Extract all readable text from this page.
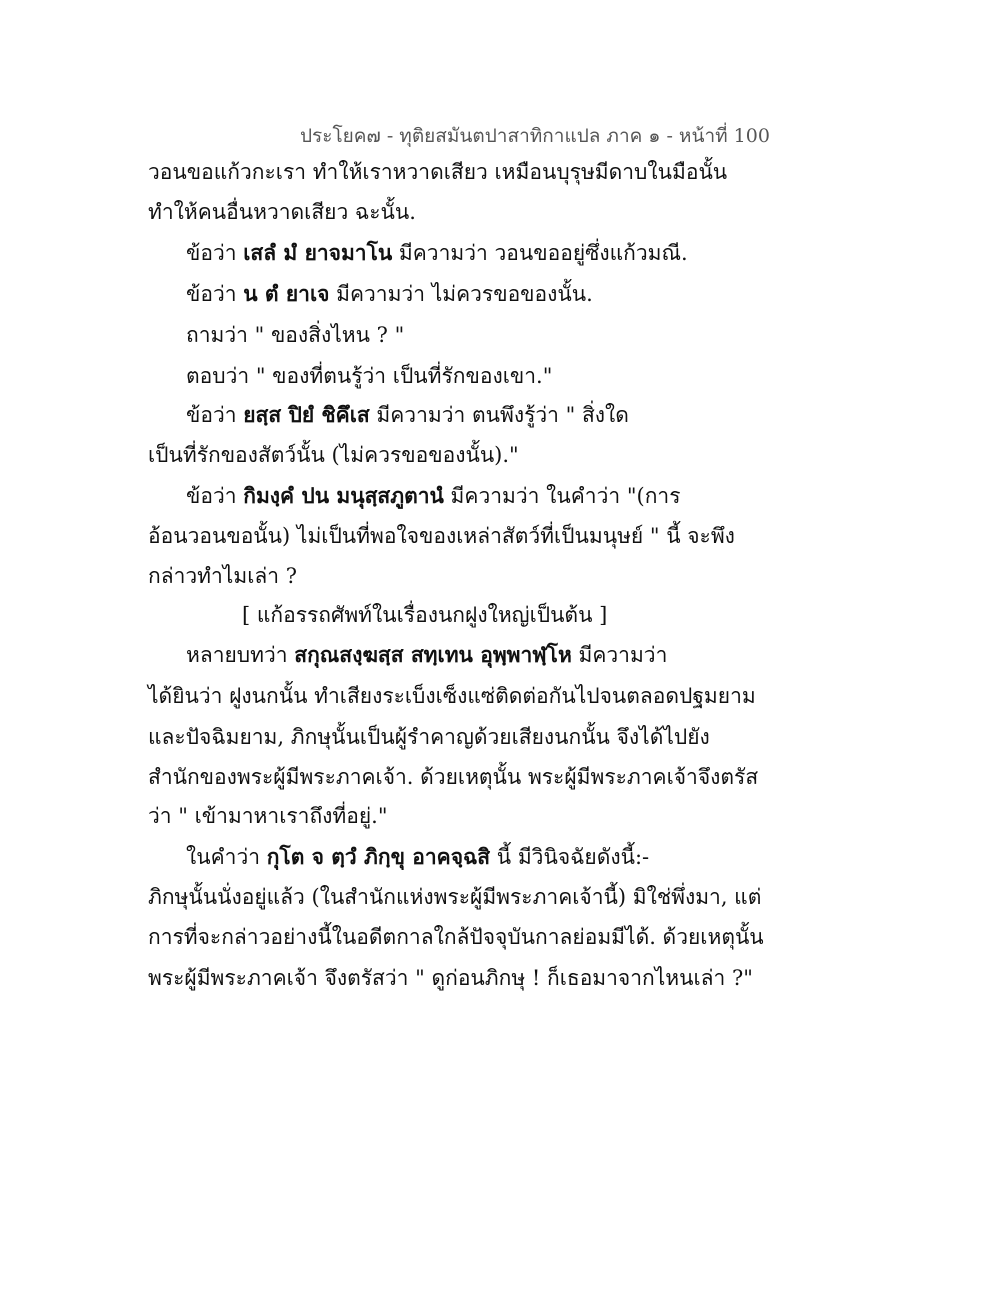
ประโยค๗ - ทุติยสมันตปาสาทิกาแปล ภาค ๑ - หน้าที่ 100
วอนขอแก้วกะเรา ทำให้เราหวาดเสียว เหมือนบุรุษมีดาบในมือนั้น
ทำให้คนอื่นหวาดเสียว ฉะนั้น.
ข้อว่า เสลํ มํ ยาจมาโน มีความว่า วอนขออยู่ซึ่งแก้วมณี.
ข้อว่า น ตํ ยาเจ มีความว่า ไม่ควรขอของนั้น.
ถามว่า " ของสิ่งไหน ? "
ตอบว่า " ของที่ตนรู้ว่า เป็นที่รักของเขา."
ข้อว่า ยสฺส ปิยํ ชิคึเส มีความว่า ตนพึงรู้ว่า " สิ่งใด
เป็นที่รักของสัตว์นั้น (ไม่ควรขอของนั้น)."
ข้อว่า กิมงฺคํ ปน มนุสฺสภูตานํ มีความว่า ในคำว่า "(การ
อ้อนวอนขอนั้น) ไม่เป็นที่พอใจของเหล่าสัตว์ที่เป็นมนุษย์ " นี้ จะพึง
กล่าวทำไมเล่า ?
[ แก้อรรถศัพท์ในเรื่องนกฝูงใหญ่เป็นต้น ]
หลายบทว่า สกุณสงฺฆสฺส สทฺเทน อุพฺพาฬฺโห มีความว่า
ได้ยินว่า ฝูงนกนั้น ทำเสียงระเบ็งเซ็งแซ่ติดต่อกันไปจนตลอดปฐมยาม
และปัจฉิมยาม, ภิกษุนั้นเป็นผู้รำคาญด้วยเสียงนกนั้น จึงได้ไปยัง
สำนักของพระผู้มีพระภาคเจ้า. ด้วยเหตุนั้น พระผู้มีพระภาคเจ้าจึงตรัส
ว่า " เข้ามาหาเราถึงที่อยู่."
ในคำว่า กุโต จ ตฺวํ ภิกฺขุ อาคจฺฉสิ นี้ มีวินิจฉัยดังนี้:-
ภิกษุนั้นนั่งอยู่แล้ว (ในสำนักแห่งพระผู้มีพระภาคเจ้านี้) มิใช่พึ่งมา, แต่
การที่จะกล่าวอย่างนี้ในอดีตกาลใกล้ปัจจุบันกาลย่อมมีได้. ด้วยเหตุนั้น
พระผู้มีพระภาคเจ้า จึงตรัสว่า " ดูก่อนภิกษุ ! ก็เธอมาจากไหนเล่า ?"
